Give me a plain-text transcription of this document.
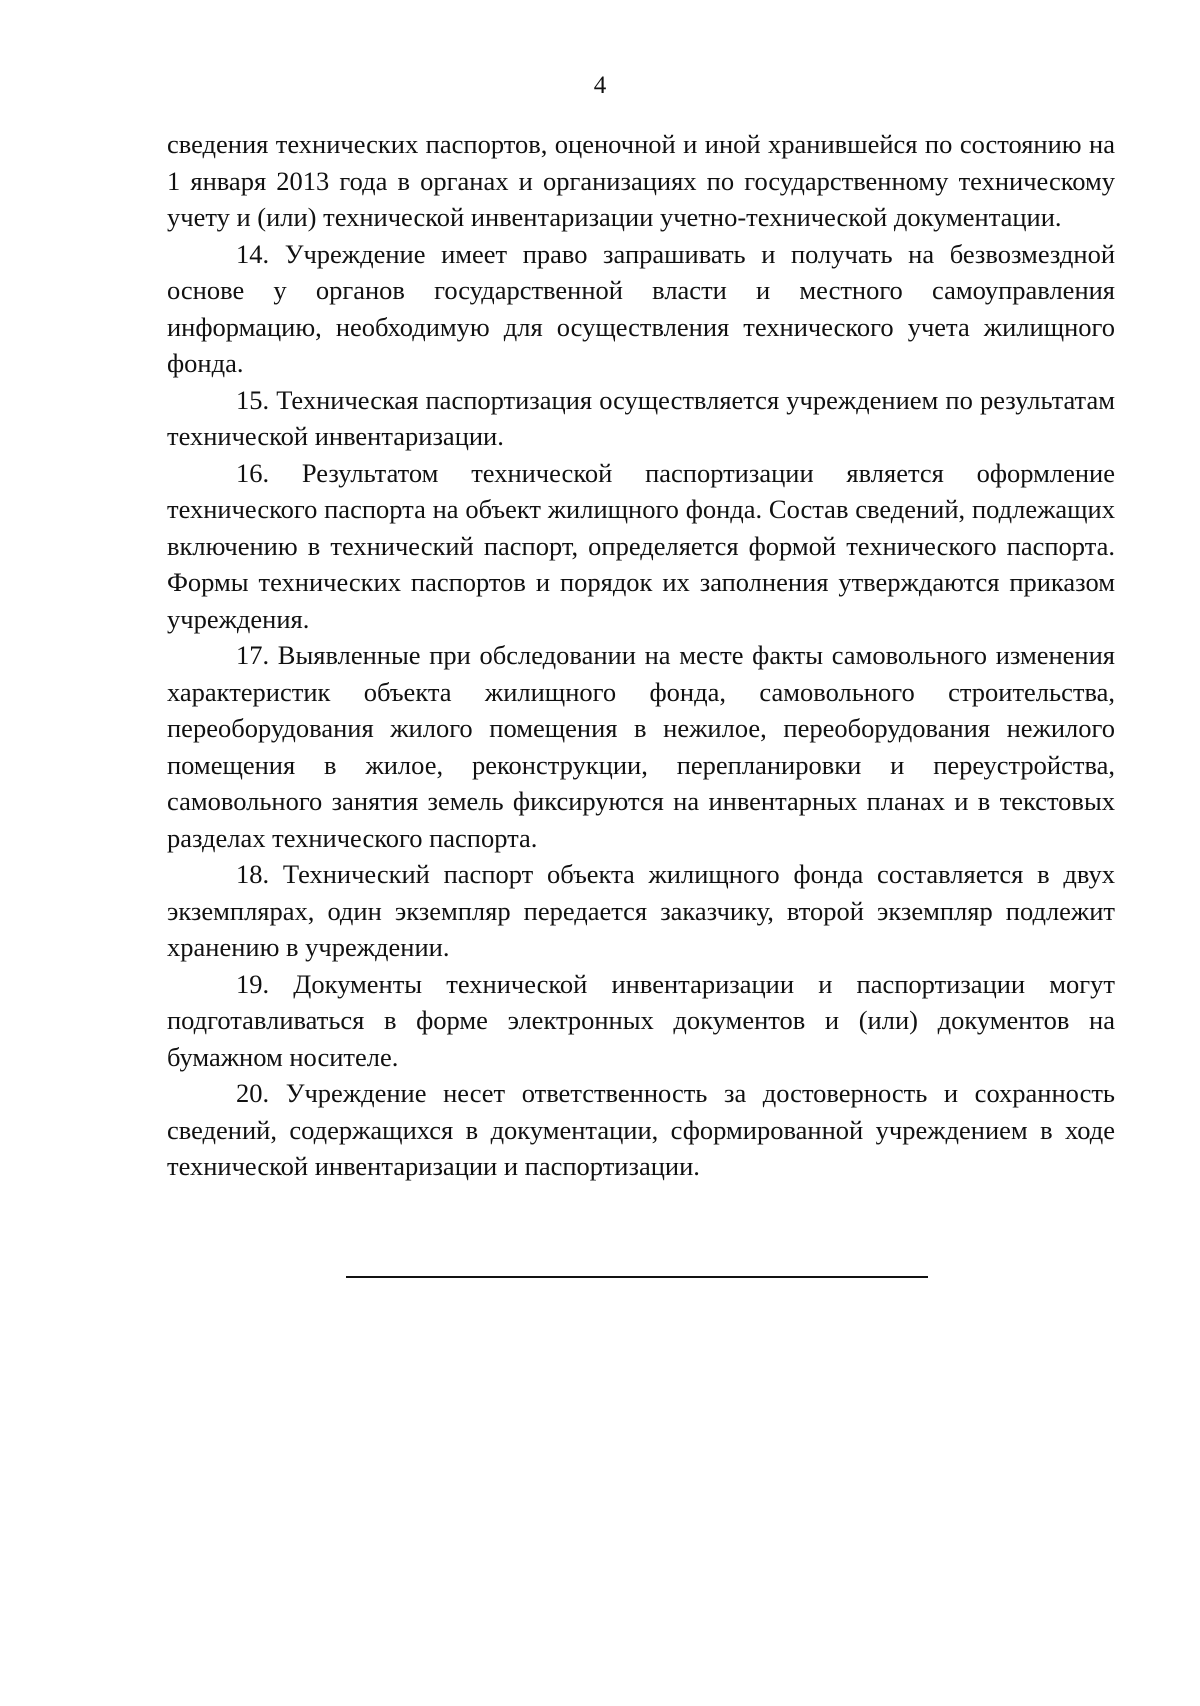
4

сведения технических паспортов, оценочной и иной хранившейся по состоянию на 1 января 2013 года в органах и организациях по государственному техническому учету и (или) технической инвентаризации учетно-технической документации.

14. Учреждение имеет право запрашивать и получать на безвозмездной основе у органов государственной власти и местного самоуправления информацию, необходимую для осуществления технического учета жилищного фонда.

15. Техническая паспортизация осуществляется учреждением по результатам технической инвентаризации.

16. Результатом технической паспортизации является оформление технического паспорта на объект жилищного фонда. Состав сведений, подлежащих включению в технический паспорт, определяется формой технического паспорта. Формы технических паспортов и порядок их заполнения утверждаются приказом учреждения.

17. Выявленные при обследовании на месте факты самовольного изменения характеристик объекта жилищного фонда, самовольного строительства, переоборудования жилого помещения в нежилое, переоборудования нежилого помещения в жилое, реконструкции, перепланировки и переустройства, самовольного занятия земель фиксируются на инвентарных планах и в текстовых разделах технического паспорта.

18. Технический паспорт объекта жилищного фонда составляется в двух экземплярах, один экземпляр передается заказчику, второй экземпляр подлежит хранению в учреждении.

19. Документы технической инвентаризации и паспортизации могут подготавливаться в форме электронных документов и (или) документов на бумажном носителе.

20. Учреждение несет ответственность за достоверность и сохранность сведений, содержащихся в документации, сформированной учреждением в ходе технической инвентаризации и паспортизации.
